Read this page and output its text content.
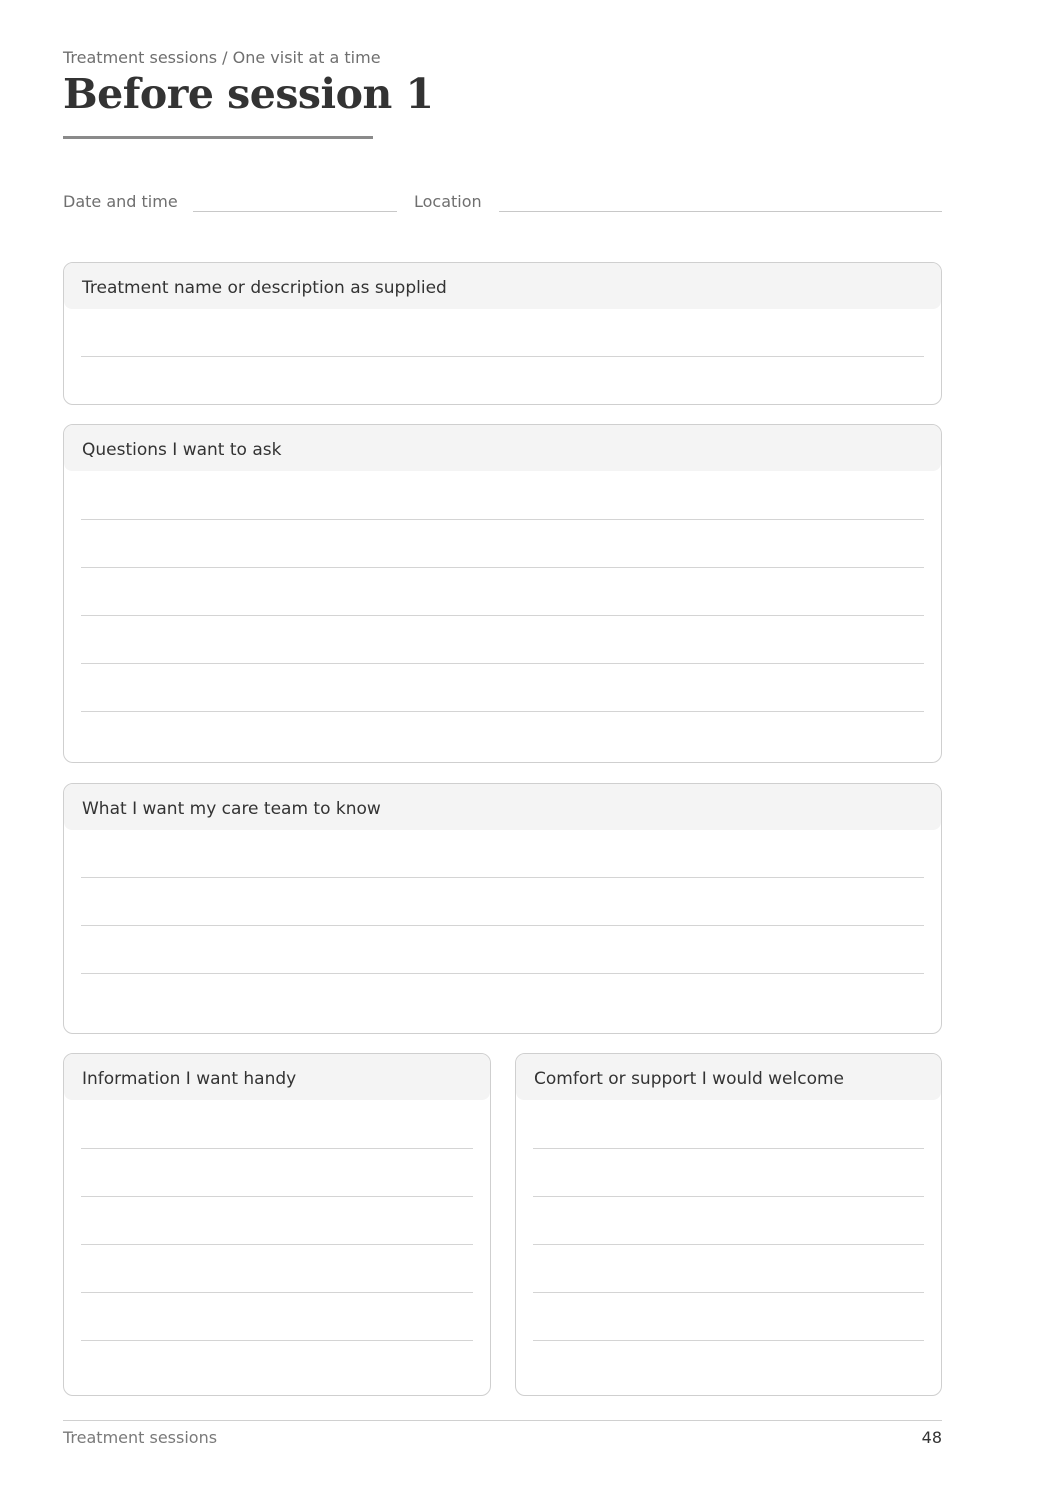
Treatment sessions / One visit at a time
Before session 1
Date and time	Location
Treatment name or description as supplied
Questions I want to ask
What I want my care team to know
Information I want handy	Comfort or support I would welcome
Treatment sessions	48
